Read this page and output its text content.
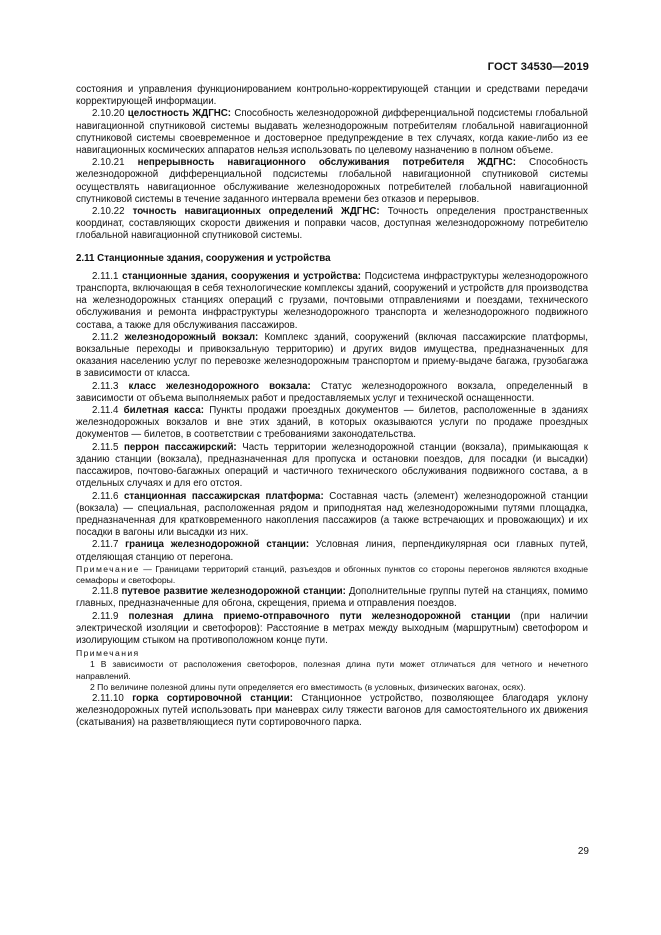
ГОСТ 34530—2019

состояния и управления функционированием контрольно-корректирующей станции и средствами передачи корректирующей информации.

2.10.20 целостность ЖДГНС: Способность железнодорожной дифференциальной подсистемы глобальной навигационной спутниковой системы выдавать железнодорожным потребителям глобальной навигационной спутниковой системы своевременное и достоверное предупреждение в тех случаях, когда какие-либо из ее навигационных космических аппаратов нельзя использовать по целевому назначению в полном объеме.

2.10.21 непрерывность навигационного обслуживания потребителя ЖДГНС: Способность железнодорожной дифференциальной подсистемы глобальной навигационной спутниковой системы осуществлять навигационное обслуживание железнодорожных потребителей глобальной навигационной спутниковой системы в течение заданного интервала времени без отказов и перерывов.

2.10.22 точность навигационных определений ЖДГНС: Точность определения пространственных координат, составляющих скорости движения и поправки часов, доступная железнодорожному потребителю глобальной навигационной спутниковой системы.

2.11 Станционные здания, сооружения и устройства

2.11.1 станционные здания, сооружения и устройства: Подсистема инфраструктуры железнодорожного транспорта, включающая в себя технологические комплексы зданий, сооружений и устройств для производства на железнодорожных станциях операций с грузами, почтовыми отправлениями и поездами, технического обслуживания и ремонта инфраструктуры железнодорожного транспорта и железнодорожного подвижного состава, а также для обслуживания пассажиров.

2.11.2 железнодорожный вокзал: Комплекс зданий, сооружений (включая пассажирские платформы, вокзальные переходы и привокзальную территорию) и других видов имущества, предназначенных для оказания населению услуг по перевозке железнодорожным транспортом и приему-выдаче багажа, грузобагажа в зависимости от класса.

2.11.3 класс железнодорожного вокзала: Статус железнодорожного вокзала, определенный в зависимости от объема выполняемых работ и предоставляемых услуг и технической оснащенности.

2.11.4 билетная касса: Пункты продажи проездных документов — билетов, расположенные в зданиях железнодорожных вокзалов и вне этих зданий, в которых оказываются услуги по продаже проездных документов — билетов, в соответствии с требованиями законодательства.

2.11.5 перрон пассажирский: Часть территории железнодорожной станции (вокзала), примыкающая к зданию станции (вокзала), предназначенная для пропуска и остановки поездов, для посадки (и высадки) пассажиров, почтово-багажных операций и частичного технического обслуживания подвижного состава, а в отдельных случаях и для его отстоя.

2.11.6 станционная пассажирская платформа: Составная часть (элемент) железнодорожной станции (вокзала) — специальная, расположенная рядом и приподнятая над железнодорожными путями площадка, предназначенная для кратковременного накопления пассажиров (а также встречающих и провожающих) и их посадки в вагоны или высадки из них.

2.11.7 граница железнодорожной станции: Условная линия, перпендикулярная оси главных путей, отделяющая станцию от перегона.

Примечание — Границами территорий станций, разъездов и обгонных пунктов со стороны перегонов являются входные семафоры и светофоры.

2.11.8 путевое развитие железнодорожной станции: Дополнительные группы путей на станциях, помимо главных, предназначенные для обгона, скрещения, приема и отправления поездов.

2.11.9 полезная длина приемо-отправочного пути железнодорожной станции (при наличии электрической изоляции и светофоров): Расстояние в метрах между выходным (маршрутным) светофором и изолирующим стыком на противоположном конце пути.

Примечания

1 В зависимости от расположения светофоров, полезная длина пути может отличаться для четного и нечетного направлений.

2 По величине полезной длины пути определяется его вместимость (в условных, физических вагонах, осях).

2.11.10 горка сортировочной станции: Станционное устройство, позволяющее благодаря уклону железнодорожных путей использовать при маневрах силу тяжести вагонов для самостоятельного их движения (скатывания) на разветвляющиеся пути сортировочного парка.

29
